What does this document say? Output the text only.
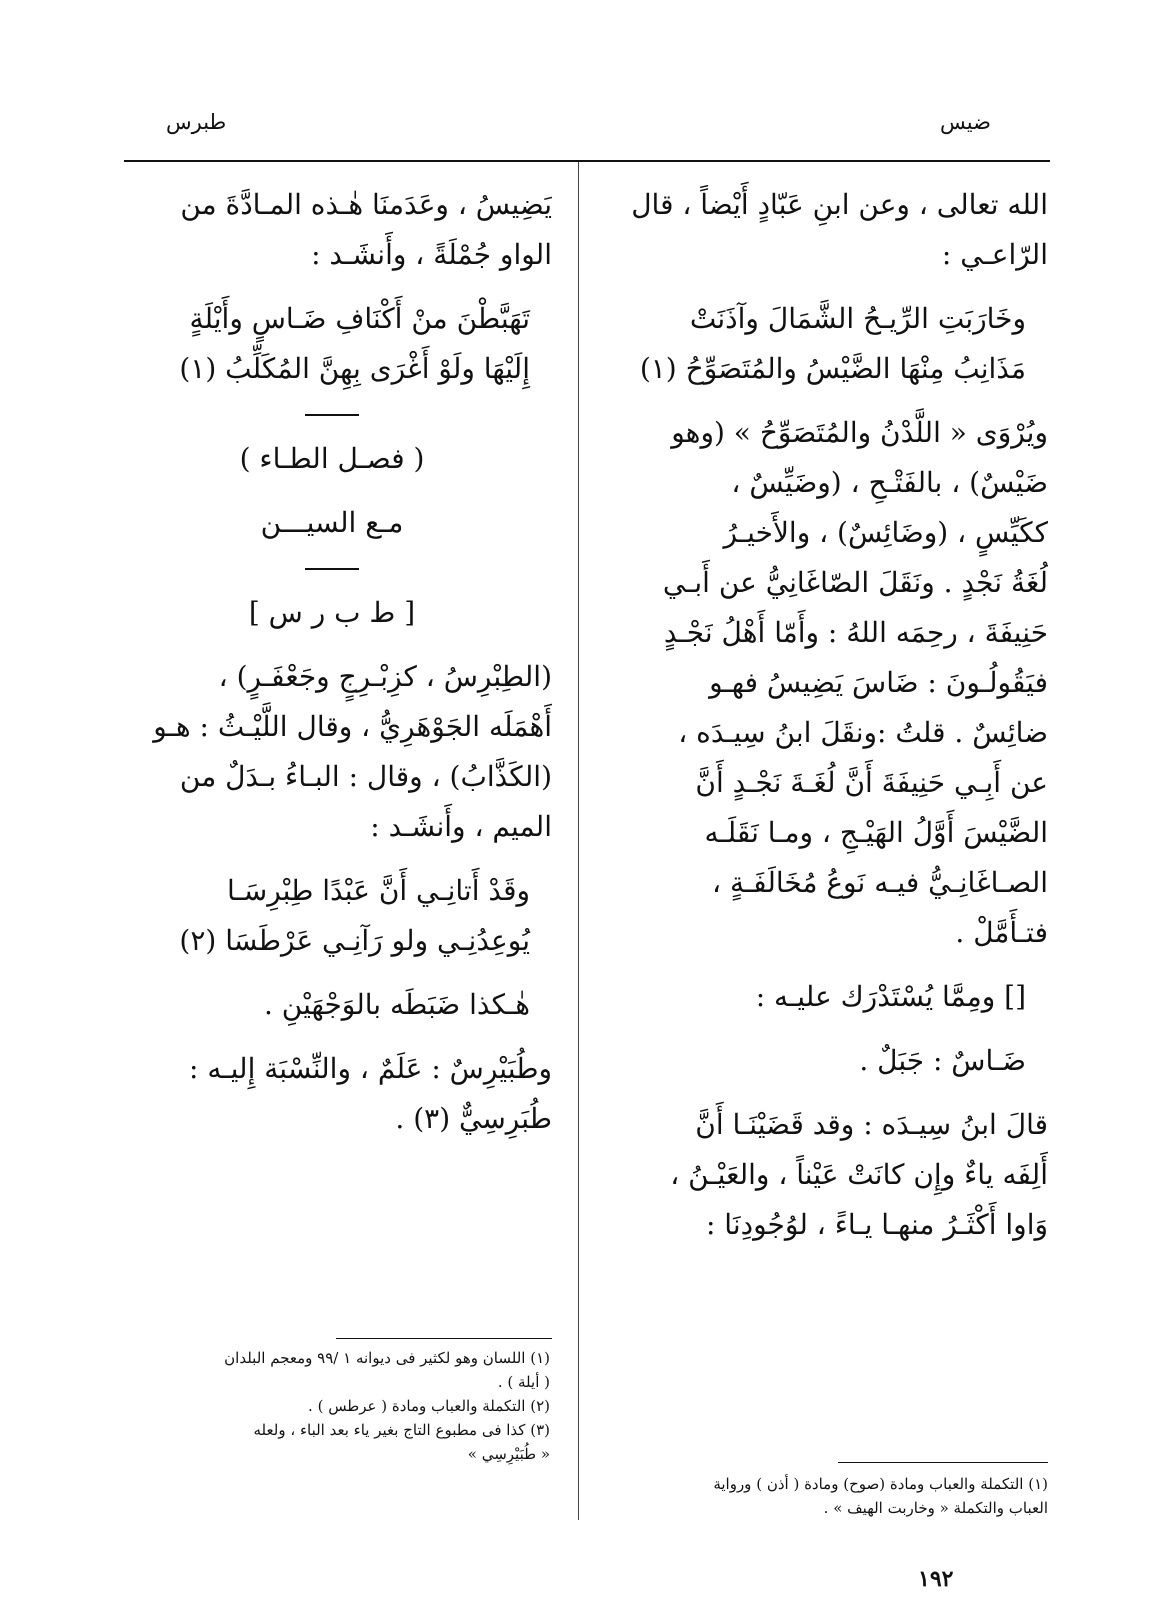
ضيس
طبرس
الله تعالى ، وعن ابنِ عَبّادٍ أَيْضاً ، قال
الرّاعـي :
وخَارَبَتِ الرِّيـحُ الشَّمَالَ وآذَنَتْ
مَذَانِبُ مِنْهَا الضَّيْسُ والمُتَصَوِّحُ (١)
ويُرْوَى « اللَّدْنُ والمُتَصَوِّحُ » (وهو
ضَيْسٌ) ، بالفَتْـحِ ، (وضَيِّسٌ ،
ككَيِّسٍ ، (وضَائِسٌ) ، والأَخيـرُ
لُغَةُ نَجْدٍ . ونَقَلَ الصّاغَانِيُّ عن أَبـي
حَنِيفَةَ ، رحِمَه اللهُ : وأَمّا أَهْلُ نَجْـدٍ
فيَقُولُـونَ : ضَاسَ يَضِيسُ فهـو
ضائِسٌ . قلتُ :ونقَلَ ابنُ سِيـدَه ،
عن أَبِـي حَنِيفَةَ أَنَّ لُغَـةَ نَجْـدٍ أَنَّ
الضَّيْسَ أَوَّلُ الهَيْـجِ ، ومـا نَقَلَـه
الصـاغَانِـيُّ فيـه نَوعُ مُخَالَفَـةٍ ،
فتـأَمَّلْ .
[] ومِمَّا يُسْتَدْرَك عليـه :
ضَـاسٌ : جَبَلٌ .
قالَ ابنُ سِيـدَه : وقد قَضَيْنَـا أَنَّ
أَلِفَه ياءٌ وإِن كانَتْ عَيْناً ، والعَيْـنُ ،
وَاوا أَكْثَـرُ منهـا يـاءً ، لوُجُودِنَا :
يَضِيسُ ، وعَدَمنَا هٰـذه المـادَّةَ من
الواو جُمْلَةً ، وأَنشَـد :
تَهَبَّطْنَ منْ أَكْنَافِ ضَـاسٍ وأَيْلَةٍ
إِلَيْهَا ولَوْ أَغْرَى بِهِنَّ المُكَلِّبُ (١)
( فصـل الطـاء )
مـع السيـــن
[ ط ب ر س ]
(الطِبْرِسُ ، كزِبْـرِجٍ وجَعْفَـرٍ) ،
أَهْمَلَه الجَوْهَرِيُّ ، وقال اللَّيْـثُ : هـو
(الكَذَّابُ) ، وقال : البـاءُ بـدَلٌ من
الميم ، وأَنشَـد :
وقَدْ أَتانِـي أَنَّ عَبْدًا طِبْرِسَـا
يُوعِدُنِـي ولو رَآنِـي عَرْطَسَا (٢)
هٰـكذا ضَبَطَه بالوَجْهَيْنِ .
وطُبَيْرِسٌ : عَلَمٌ ، والنِّسْبَة إِليـه :
طُبَرِسِيٌّ (٣) .
(١) اللسان وهو لكثير فى ديوانه ١ /٩٩ ومعجم البلدان
( أيلة ) .
(٢) التكملة والعباب ومادة ( عرطس ) .
(٣) كذا فى مطبوع التاج بغير ياء بعد الباء ، ولعله
« طُبَيْرِسِي »
(١) التكملة والعباب ومادة (صوح) ومادة ( أذن ) ورواية
العباب والتكملة « وخاربت الهيف » .
١٩٢
